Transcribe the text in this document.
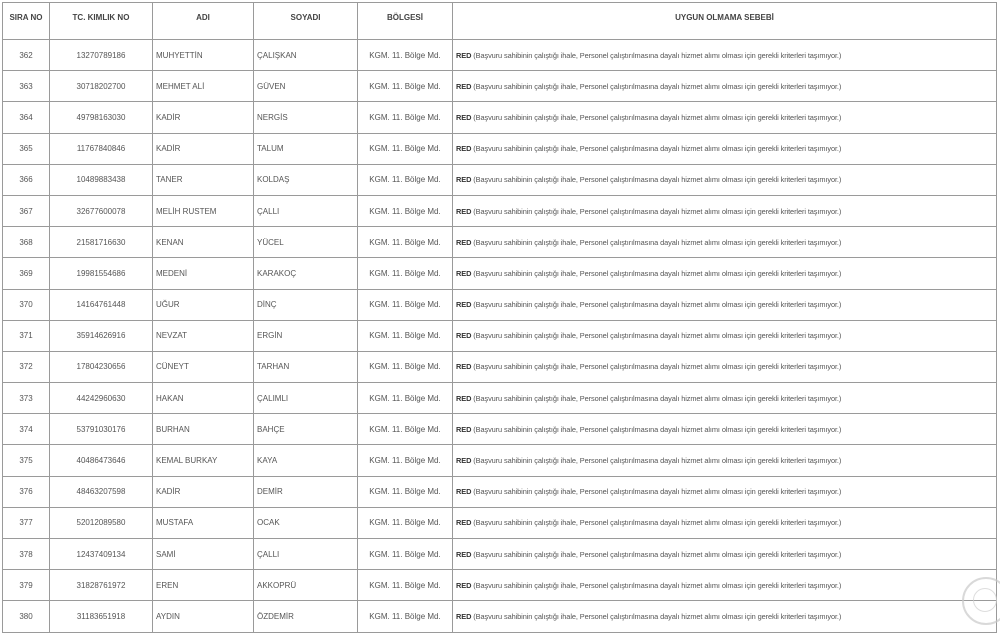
SIRA NO	TC. KIMLIK NO	ADI	SOYADI	BÖLGESİ	UYGUN OLMAMA SEBEBİ
362	13270789186	MUHYETTİN	ÇALIŞKAN	KGM. 11. Bölge Md.	RED (Başvuru sahibinin çalıştığı ihale, Personel çalıştırılmasına dayalı hizmet alımı olması için gerekli kriterleri taşımıyor.)
363	30718202700	MEHMET ALİ	GÜVEN	KGM. 11. Bölge Md.	RED (Başvuru sahibinin çalıştığı ihale, Personel çalıştırılmasına dayalı hizmet alımı olması için gerekli kriterleri taşımıyor.)
364	49798163030	KADİR	NERGİS	KGM. 11. Bölge Md.	RED (Başvuru sahibinin çalıştığı ihale, Personel çalıştırılmasına dayalı hizmet alımı olması için gerekli kriterleri taşımıyor.)
365	11767840846	KADİR	TALUM	KGM. 11. Bölge Md.	RED (Başvuru sahibinin çalıştığı ihale, Personel çalıştırılmasına dayalı hizmet alımı olması için gerekli kriterleri taşımıyor.)
366	10489883438	TANER	KOLDAŞ	KGM. 11. Bölge Md.	RED (Başvuru sahibinin çalıştığı ihale, Personel çalıştırılmasına dayalı hizmet alımı olması için gerekli kriterleri taşımıyor.)
367	32677600078	MELİH RUSTEM	ÇALLI	KGM. 11. Bölge Md.	RED (Başvuru sahibinin çalıştığı ihale, Personel çalıştırılmasına dayalı hizmet alımı olması için gerekli kriterleri taşımıyor.)
368	21581716630	KENAN	YÜCEL	KGM. 11. Bölge Md.	RED (Başvuru sahibinin çalıştığı ihale, Personel çalıştırılmasına dayalı hizmet alımı olması için gerekli kriterleri taşımıyor.)
369	19981554686	MEDENİ	KARAKOÇ	KGM. 11. Bölge Md.	RED (Başvuru sahibinin çalıştığı ihale, Personel çalıştırılmasına dayalı hizmet alımı olması için gerekli kriterleri taşımıyor.)
370	14164761448	UĞUR	DİNÇ	KGM. 11. Bölge Md.	RED (Başvuru sahibinin çalıştığı ihale, Personel çalıştırılmasına dayalı hizmet alımı olması için gerekli kriterleri taşımıyor.)
371	35914626916	NEVZAT	ERGİN	KGM. 11. Bölge Md.	RED (Başvuru sahibinin çalıştığı ihale, Personel çalıştırılmasına dayalı hizmet alımı olması için gerekli kriterleri taşımıyor.)
372	17804230656	CÜNEYT	TARHAN	KGM. 11. Bölge Md.	RED (Başvuru sahibinin çalıştığı ihale, Personel çalıştırılmasına dayalı hizmet alımı olması için gerekli kriterleri taşımıyor.)
373	44242960630	HAKAN	ÇALIMLI	KGM. 11. Bölge Md.	RED (Başvuru sahibinin çalıştığı ihale, Personel çalıştırılmasına dayalı hizmet alımı olması için gerekli kriterleri taşımıyor.)
374	53791030176	BURHAN	BAHÇE	KGM. 11. Bölge Md.	RED (Başvuru sahibinin çalıştığı ihale, Personel çalıştırılmasına dayalı hizmet alımı olması için gerekli kriterleri taşımıyor.)
375	40486473646	KEMAL BURKAY	KAYA	KGM. 11. Bölge Md.	RED (Başvuru sahibinin çalıştığı ihale, Personel çalıştırılmasına dayalı hizmet alımı olması için gerekli kriterleri taşımıyor.)
376	48463207598	KADİR	DEMİR	KGM. 11. Bölge Md.	RED (Başvuru sahibinin çalıştığı ihale, Personel çalıştırılmasına dayalı hizmet alımı olması için gerekli kriterleri taşımıyor.)
377	52012089580	MUSTAFA	OCAK	KGM. 11. Bölge Md.	RED (Başvuru sahibinin çalıştığı ihale, Personel çalıştırılmasına dayalı hizmet alımı olması için gerekli kriterleri taşımıyor.)
378	12437409134	SAMİ	ÇALLI	KGM. 11. Bölge Md.	RED (Başvuru sahibinin çalıştığı ihale, Personel çalıştırılmasına dayalı hizmet alımı olması için gerekli kriterleri taşımıyor.)
379	31828761972	EREN	AKKOPRÜ	KGM. 11. Bölge Md.	RED (Başvuru sahibinin çalıştığı ihale, Personel çalıştırılmasına dayalı hizmet alımı olması için gerekli kriterleri taşımıyor.)
380	31183651918	AYDIN	ÖZDEMİR	KGM. 11. Bölge Md.	RED (Başvuru sahibinin çalıştığı ihale, Personel çalıştırılmasına dayalı hizmet alımı olması için gerekli kriterleri taşımıyor.)
